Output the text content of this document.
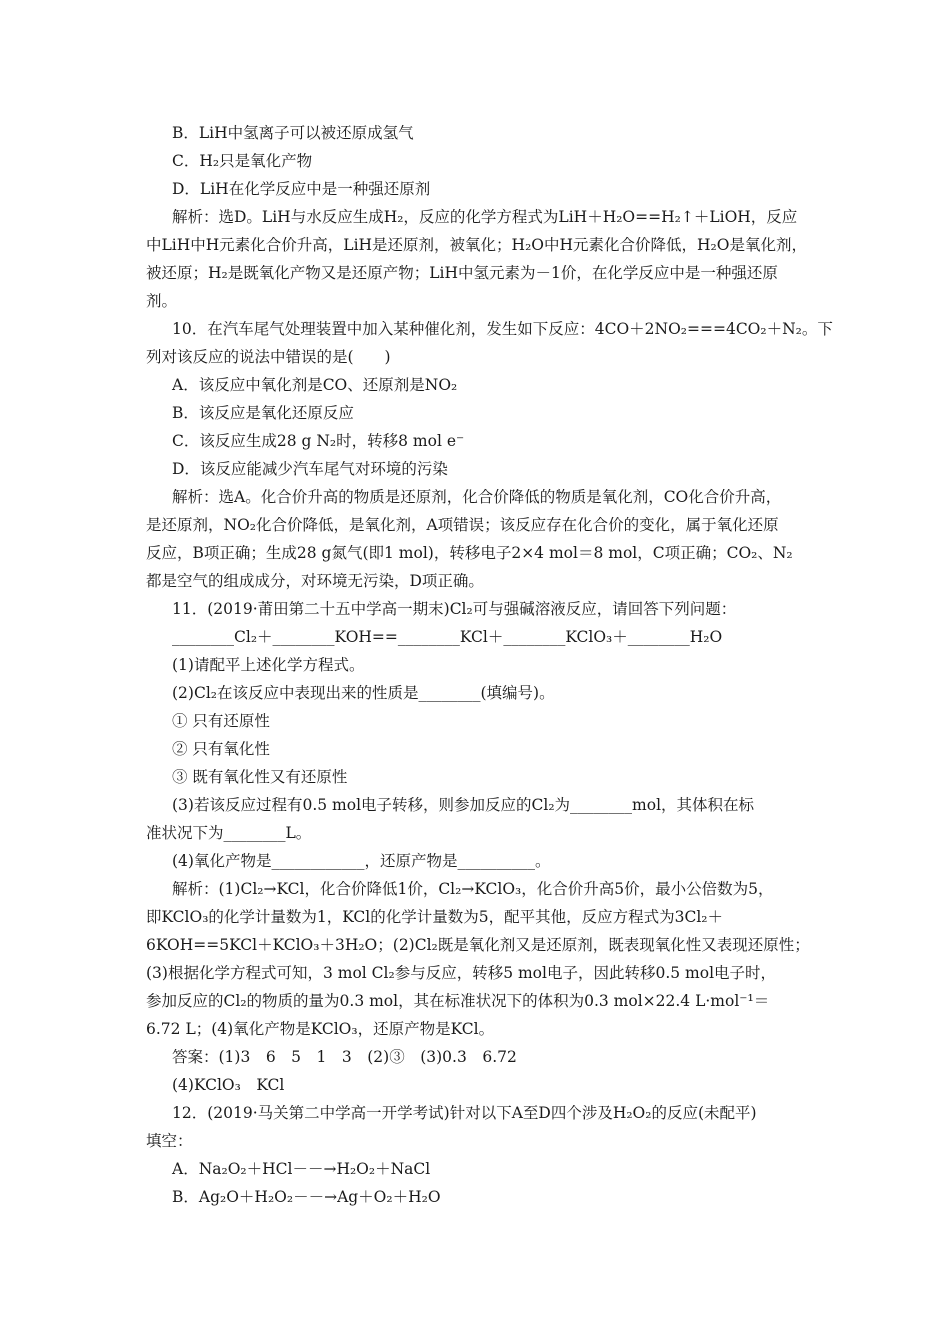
B．LiH中氢离子可以被还原成氢气
C．H₂只是氧化产物
D．LiH在化学反应中是一种强还原剂
解析：选D。LiH与水反应生成H₂，反应的化学方程式为LiH＋H₂O==H₂↑＋LiOH，反应
中LiH中H元素化合价升高，LiH是还原剂，被氧化；H₂O中H元素化合价降低，H₂O是氧化剂，
被还原；H₂是既氧化产物又是还原产物；LiH中氢元素为－1价，在化学反应中是一种强还原
剂。
10．在汽车尾气处理装置中加入某种催化剂，发生如下反应：4CO＋2NO₂===4CO₂＋N₂。下
列对该反应的说法中错误的是(　　)
A．该反应中氧化剂是CO、还原剂是NO₂
B．该反应是氧化还原反应
C．该反应生成28 g N₂时，转移8 mol e⁻
D．该反应能减少汽车尾气对环境的污染
解析：选A。化合价升高的物质是还原剂，化合价降低的物质是氧化剂，CO化合价升高，
是还原剂，NO₂化合价降低，是氧化剂，A项错误；该反应存在化合价的变化，属于氧化还原
反应，B项正确；生成28 g氮气(即1 mol)，转移电子2×4 mol＝8 mol，C项正确；CO₂、N₂
都是空气的组成成分，对环境无污染，D项正确。
11．(2019·莆田第二十五中学高一期末)Cl₂可与强碱溶液反应，请回答下列问题：
________Cl₂＋________KOH==________KCl＋________KClO₃＋________H₂O
(1)请配平上述化学方程式。
(2)Cl₂在该反应中表现出来的性质是________(填编号)。
① 只有还原性
② 只有氧化性
③ 既有氧化性又有还原性
(3)若该反应过程有0.5 mol电子转移，则参加反应的Cl₂为________mol，其体积在标
准状况下为________L。
(4)氧化产物是____________，还原产物是__________。
解析：(1)Cl₂→KCl，化合价降低1价，Cl₂→KClO₃，化合价升高5价，最小公倍数为5，
即KClO₃的化学计量数为1，KCl的化学计量数为5，配平其他，反应方程式为3Cl₂＋
6KOH==5KCl＋KClO₃＋3H₂O；(2)Cl₂既是氧化剂又是还原剂，既表现氧化性又表现还原性；
(3)根据化学方程式可知，3 mol Cl₂参与反应，转移5 mol电子，因此转移0.5 mol电子时，
参加反应的Cl₂的物质的量为0.3 mol，其在标准状况下的体积为0.3 mol×22.4 L·mol⁻¹＝
6.72 L；(4)氧化产物是KClO₃，还原产物是KCl。
答案：(1)3　6　5　1　3　(2)③　(3)0.3　6.72
(4)KClO₃　KCl
12．(2019·马关第二中学高一开学考试)针对以下A至D四个涉及H₂O₂的反应(未配平)
填空：
A．Na₂O₂＋HCl－－→H₂O₂＋NaCl
B．Ag₂O＋H₂O₂－－→Ag＋O₂＋H₂O
